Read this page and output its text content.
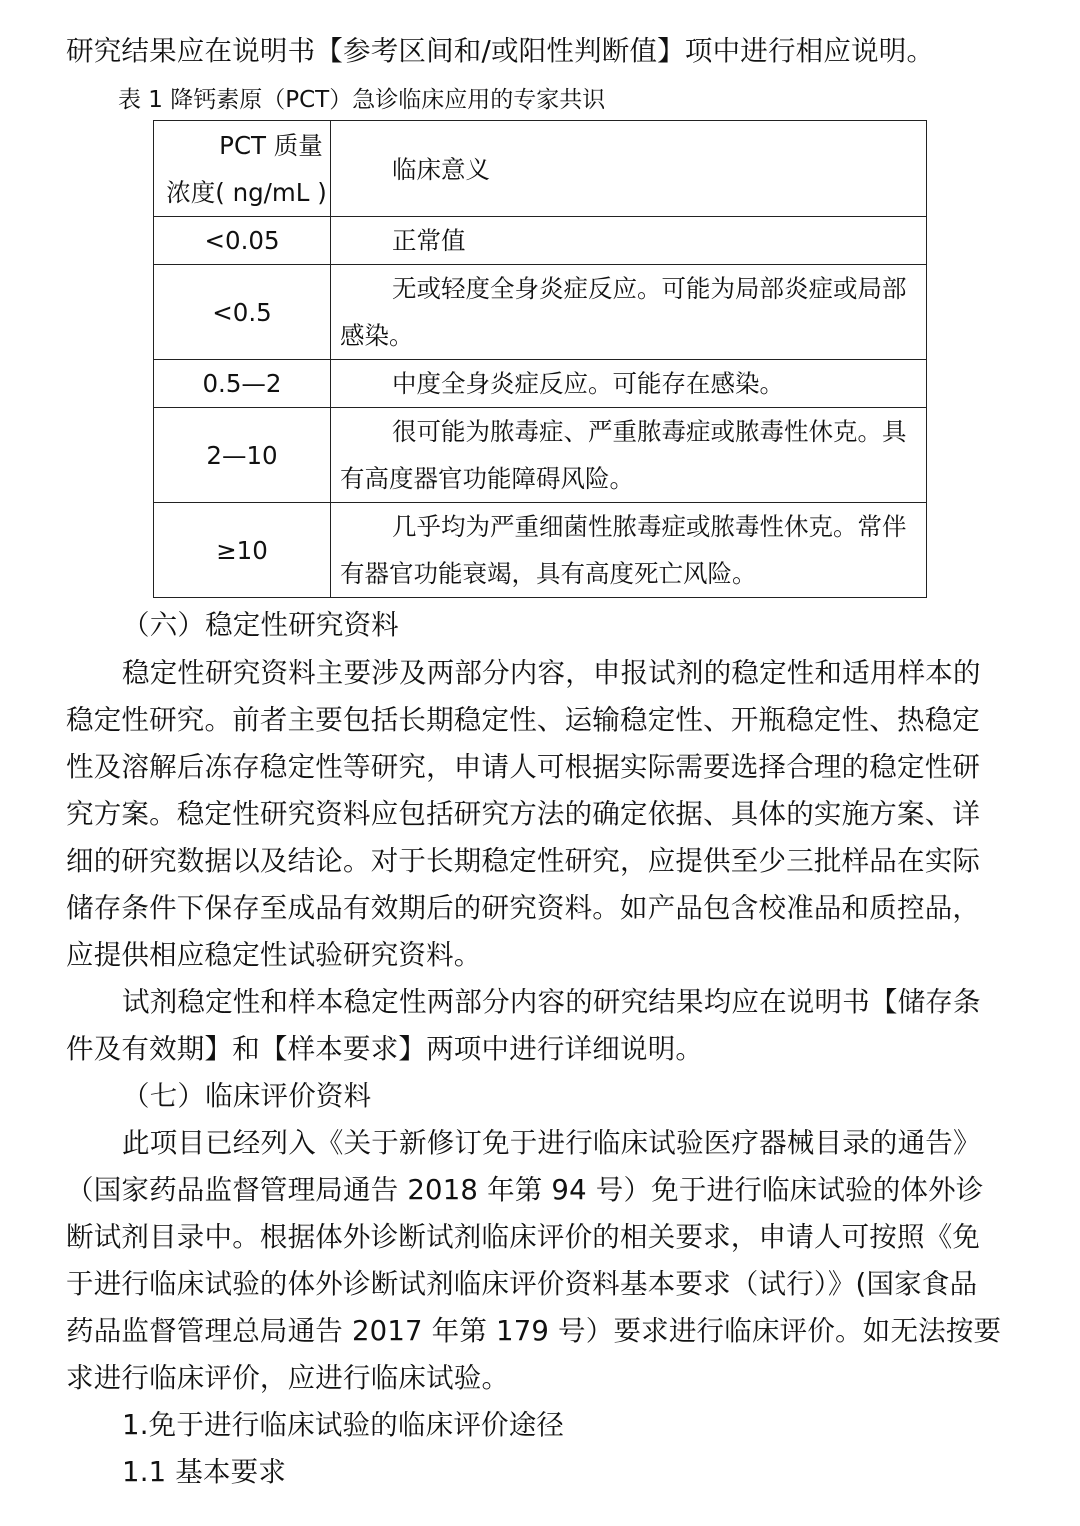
研究结果应在说明书【参考区间和/或阳性判断值】项中进行相应说明。
表 1 降钙素原（PCT）急诊临床应用的专家共识
PCT 质量
浓度( ng/mL )	临床意义
<0.05	正常值
<0.5	无或轻度全身炎症反应。可能为局部炎症或局部
感染。

0.5—2	中度全身炎症反应。可能存在感染。
2—10	很可能为脓毒症、严重脓毒症或脓毒性休克。具
有高度器官功能障碍风险。

≥10	几乎均为严重细菌性脓毒症或脓毒性休克。常伴
有器官功能衰竭，具有高度死亡风险。
（六）稳定性研究资料
稳定性研究资料主要涉及两部分内容，申报试剂的稳定性和适用样本的
稳定性研究。前者主要包括长期稳定性、运输稳定性、开瓶稳定性、热稳定
性及溶解后冻存稳定性等研究，申请人可根据实际需要选择合理的稳定性研
究方案。稳定性研究资料应包括研究方法的确定依据、具体的实施方案、详
细的研究数据以及结论。对于长期稳定性研究，应提供至少三批样品在实际
储存条件下保存至成品有效期后的研究资料。如产品包含校准品和质控品，
应提供相应稳定性试验研究资料。
试剂稳定性和样本稳定性两部分内容的研究结果均应在说明书【储存条
件及有效期】和【样本要求】两项中进行详细说明。
（七）临床评价资料
此项目已经列入《关于新修订免于进行临床试验医疗器械目录的通告》
（国家药品监督管理局通告 2018 年第 94 号）免于进行临床试验的体外诊
断试剂目录中。根据体外诊断试剂临床评价的相关要求，申请人可按照《免
于进行临床试验的体外诊断试剂临床评价资料基本要求（试行）》(国家食品
药品监督管理总局通告 2017 年第 179 号）要求进行临床评价。如无法按要
求进行临床评价，应进行临床试验。
1.免于进行临床试验的临床评价途径
1.1 基本要求
